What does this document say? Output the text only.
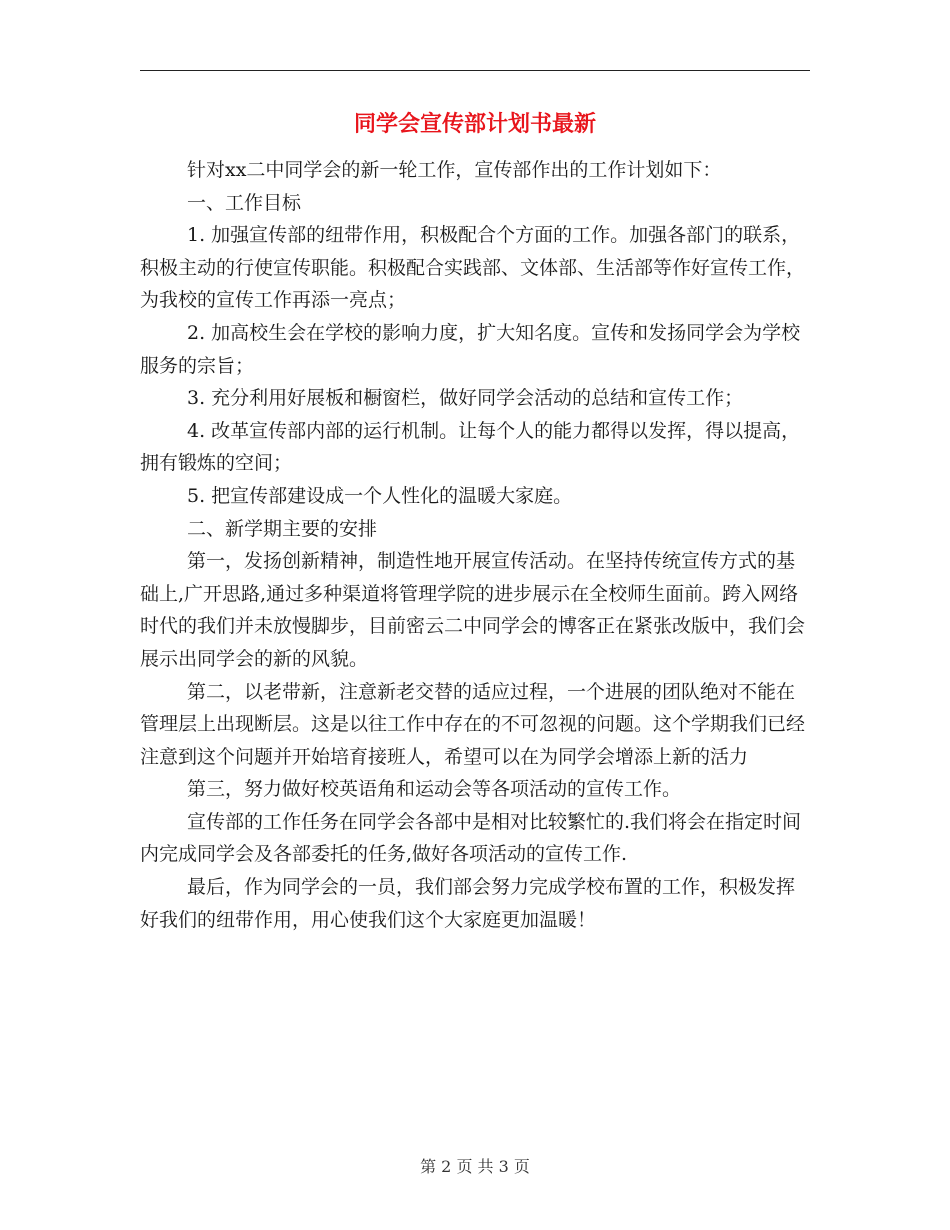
同学会宣传部计划书最新

针对xx二中同学会的新一轮工作，宣传部作出的工作计划如下：

一、工作目标

1. 加强宣传部的纽带作用，积极配合个方面的工作。加强各部门的联系，积极主动的行使宣传职能。积极配合实践部、文体部、生活部等作好宣传工作，为我校的宣传工作再添一亮点；

2. 加高校生会在学校的影响力度，扩大知名度。宣传和发扬同学会为学校服务的宗旨；

3. 充分利用好展板和橱窗栏，做好同学会活动的总结和宣传工作；

4. 改革宣传部内部的运行机制。让每个人的能力都得以发挥，得以提高，拥有锻炼的空间；

5. 把宣传部建设成一个人性化的温暖大家庭。

二、新学期主要的安排

第一，发扬创新精神，制造性地开展宣传活动。在坚持传统宣传方式的基础上,广开思路,通过多种渠道将管理学院的进步展示在全校师生面前。跨入网络时代的我们并未放慢脚步，目前密云二中同学会的博客正在紧张改版中，我们会展示出同学会的新的风貌。

第二，以老带新，注意新老交替的适应过程，一个进展的团队绝对不能在管理层上出现断层。这是以往工作中存在的不可忽视的问题。这个学期我们已经注意到这个问题并开始培育接班人，希望可以在为同学会增添上新的活力

第三，努力做好校英语角和运动会等各项活动的宣传工作。

宣传部的工作任务在同学会各部中是相对比较繁忙的.我们将会在指定时间内完成同学会及各部委托的任务,做好各项活动的宣传工作.

最后，作为同学会的一员，我们部会努力完成学校布置的工作，积极发挥好我们的纽带作用，用心使我们这个大家庭更加温暖！

第 2 页 共 3 页
